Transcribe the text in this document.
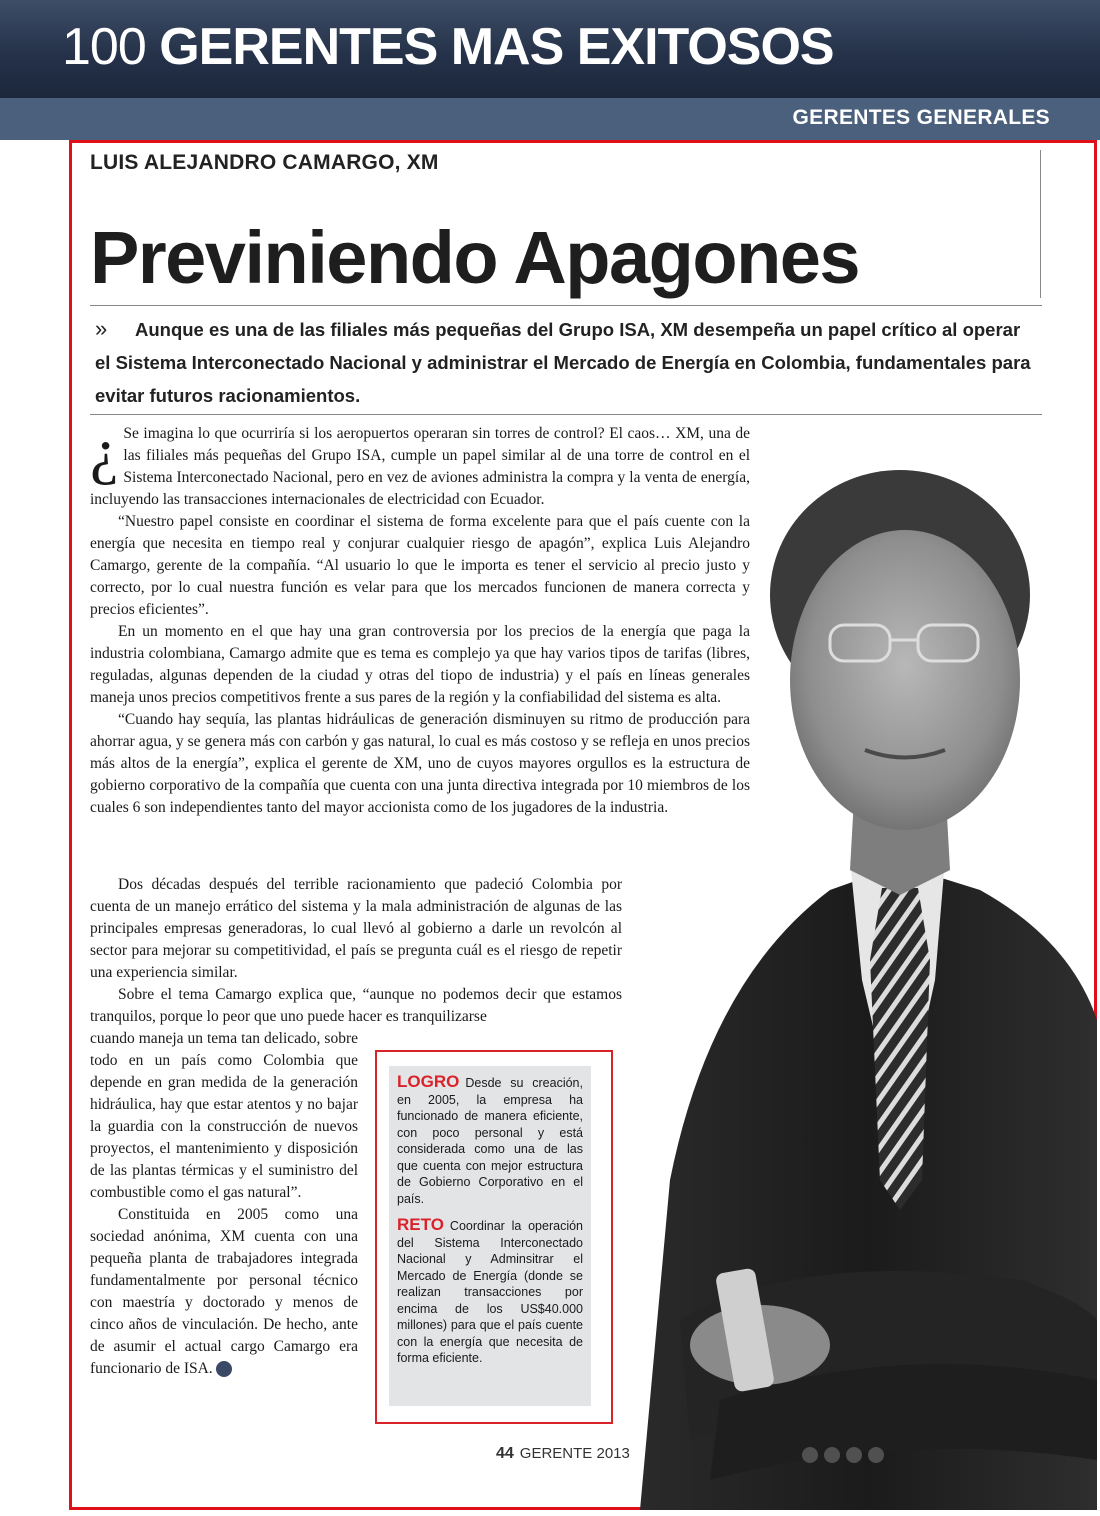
100 GERENTES MAS EXITOSOS
GERENTES GENERALES
LUIS ALEJANDRO CAMARGO, XM
Previniendo Apagones
» Aunque es una de las filiales más pequeñas del Grupo ISA, XM desempeña un papel crítico al operar el Sistema Interconectado Nacional y administrar el Mercado de Energía en Colombia, fundamentales para evitar futuros racionamientos.

¿ Se imagina lo que ocurriría si los aeropuertos operaran sin torres de control? El caos… XM, una de las filiales más pequeñas del Grupo ISA, cumple un papel similar al de una torre de control en el Sistema Interconectado Nacional, pero en vez de aviones administra la compra y la venta de energía, incluyendo las transacciones internacionales de electricidad con Ecuador.

“Nuestro papel consiste en coordinar el sistema de forma excelente para que el país cuente con la energía que necesita en tiempo real y conjurar cualquier riesgo de apagón”, explica Luis Alejandro Camargo, gerente de la compañía. “Al usuario lo que le importa es tener el servicio al precio justo y correcto, por lo cual nuestra función es velar para que los mercados funcionen de manera correcta y precios eficientes”.

En un momento en el que hay una gran controversia por los precios de la energía que paga la industria colombiana, Camargo admite que es tema es complejo ya que hay varios tipos de tarifas (libres, reguladas, algunas dependen de la ciudad y otras del tiopo de industria) y el país en líneas generales maneja unos precios competitivos frente a sus pares de la región y la confiabilidad del sistema es alta.

“Cuando hay sequía, las plantas hidráulicas de generación disminuyen su ritmo de producción para ahorrar agua, y se genera más con carbón y gas natural, lo cual es más costoso y se refleja en unos precios más altos de la energía”, explica el gerente de XM, uno de cuyos mayores orgullos es la estructura de gobierno corporativo de la compañía que cuenta con una junta directiva integrada por 10 miembros de los cuales 6 son independientes tanto del mayor accionista como de los jugadores de la industria.

Dos décadas después del terrible racionamiento que padeció Colombia por cuenta de un manejo errático del sistema y la mala administración de algunas de las principales empresas generadoras, lo cual llevó al gobierno a darle un revolcón al sector para mejorar su competitividad, el país se pregunta cuál es el riesgo de repetir una experiencia similar.

Sobre el tema Camargo explica que, “aunque no podemos decir que estamos tranquilos, porque lo peor que uno puede hacer es tranquilizarse

cuando maneja un tema tan delicado, sobre todo en un país como Colombia que depende en gran medida de la generación hidráulica, hay que estar atentos y no bajar la guardia con la construcción de nuevos proyectos, el mantenimiento y disposición de las plantas térmicas y el suministro del combustible como el gas natural”.

Constituida en 2005 como una sociedad anónima, XM cuenta con una pequeña planta de trabajadores integrada fundamentalmente por personal técnico con maestría y doctorado y menos de cinco años de vinculación. De hecho, ante de asumir el actual cargo Camargo era funcionario de ISA.	G

LOGRO Desde su creación, en 2005, la empresa ha funcionado de manera eficiente, con poco personal y está considerada como una de las que cuenta con mejor estructura de Gobierno Corporativo en el país.

RETO Coordinar la operación del Sistema Interconectado Nacional y Adminsitrar el Mercado de Energía (donde se realizan transacciones por encima de los US$40.000 millones) para que el país cuente con la energía que necesita de forma eficiente.

44 GERENTE 2013
